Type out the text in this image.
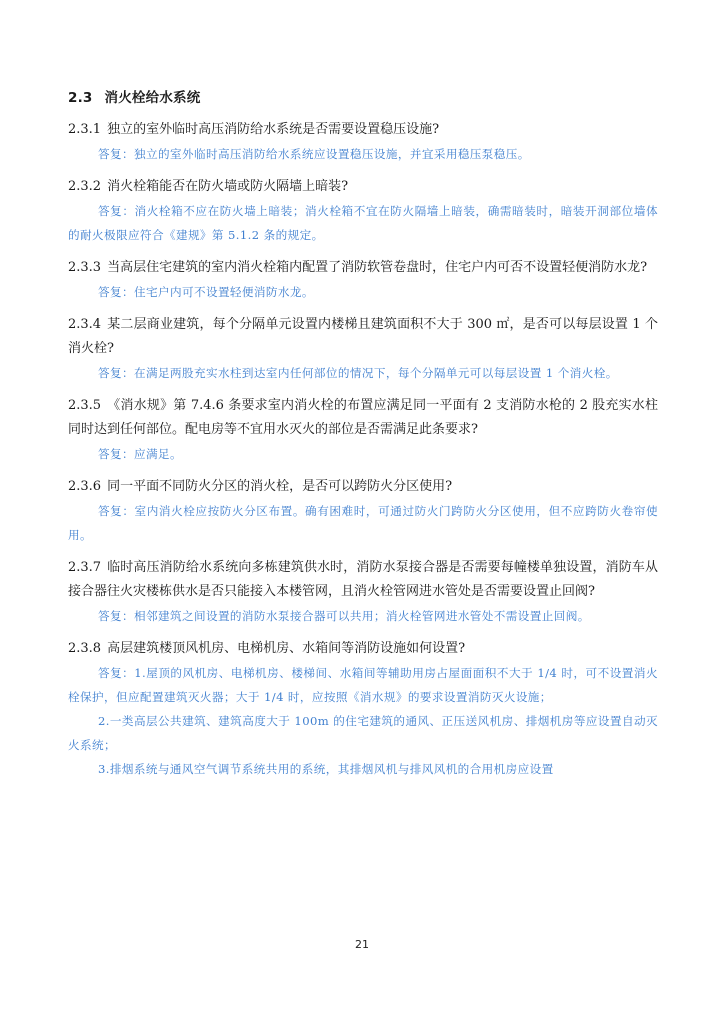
2.3 消火栓给水系统

2.3.1 独立的室外临时高压消防给水系统是否需要设置稳压设施?

答复：独立的室外临时高压消防给水系统应设置稳压设施，并宜采用稳压泵稳压。

2.3.2 消火栓箱能否在防火墙或防火隔墙上暗装?

答复：消火栓箱不应在防火墙上暗装；消火栓箱不宜在防火隔墙上暗装，确需暗装时，暗装开洞部位墙体的耐火极限应符合《建规》第 5.1.2 条的规定。

2.3.3 当高层住宅建筑的室内消火栓箱内配置了消防软管卷盘时，住宅户内可否不设置轻便消防水龙?

答复：住宅户内可不设置轻便消防水龙。

2.3.4 某二层商业建筑，每个分隔单元设置内楼梯且建筑面积不大于 300 ㎡，是否可以每层设置 1 个消火栓?

答复：在满足两股充实水柱到达室内任何部位的情况下，每个分隔单元可以每层设置 1 个消火栓。

2.3.5 《消水规》第 7.4.6 条要求室内消火栓的布置应满足同一平面有 2 支消防水枪的 2 股充实水柱同时达到任何部位。配电房等不宜用水灭火的部位是否需满足此条要求?

答复：应满足。

2.3.6 同一平面不同防火分区的消火栓，是否可以跨防火分区使用?

答复：室内消火栓应按防火分区布置。确有困难时，可通过防火门跨防火分区使用，但不应跨防火卷帘使用。

2.3.7 临时高压消防给水系统向多栋建筑供水时，消防水泵接合器是否需要每幢楼单独设置，消防车从接合器往火灾楼栋供水是否只能接入本楼管网，且消火栓管网进水管处是否需要设置止回阀?

答复：相邻建筑之间设置的消防水泵接合器可以共用；消火栓管网进水管处不需设置止回阀。

2.3.8 高层建筑楼顶风机房、电梯机房、水箱间等消防设施如何设置?

答复：1.屋顶的风机房、电梯机房、楼梯间、水箱间等辅助用房占屋面面积不大于 1/4 时，可不设置消火栓保护，但应配置建筑灭火器；大于 1/4 时，应按照《消水规》的要求设置消防灭火设施；

2.一类高层公共建筑、建筑高度大于 100m 的住宅建筑的通风、正压送风机房、排烟机房等应设置自动灭火系统；

3.排烟系统与通风空气调节系统共用的系统，其排烟风机与排风风机的合用机房应设置

21
